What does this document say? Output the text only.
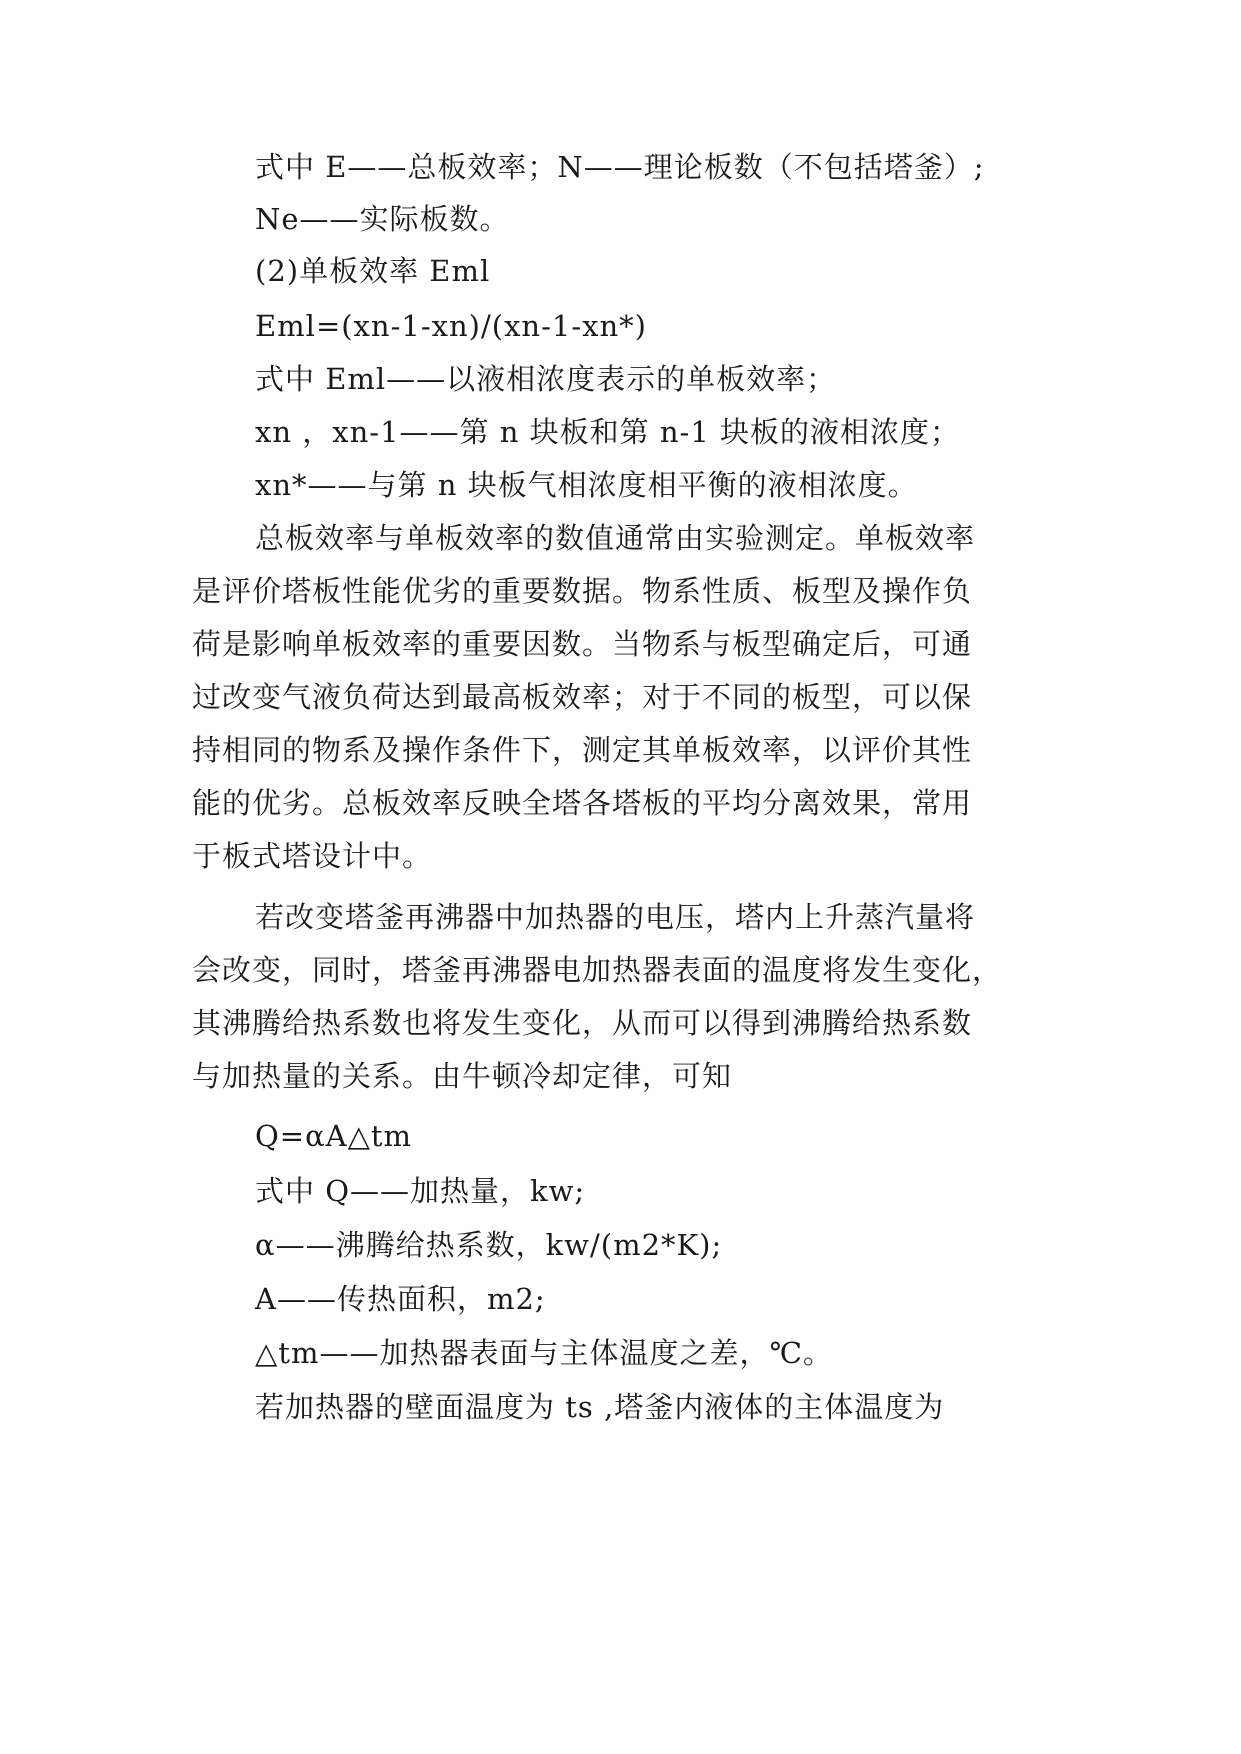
式中 E——总板效率；N——理论板数（不包括塔釜）;
Ne——实际板数。
(2)单板效率 Eml
Eml=(xn-1-xn)/(xn-1-xn*)
式中 Eml——以液相浓度表示的单板效率；
xn ，xn-1——第 n 块板和第 n-1 块板的液相浓度；
xn*——与第 n 块板气相浓度相平衡的液相浓度。
总板效率与单板效率的数值通常由实验测定。单板效率
是评价塔板性能优劣的重要数据。物系性质、板型及操作负
荷是影响单板效率的重要因数。当物系与板型确定后，可通
过改变气液负荷达到最高板效率；对于不同的板型，可以保
持相同的物系及操作条件下，测定其单板效率，以评价其性
能的优劣。总板效率反映全塔各塔板的平均分离效果，常用
于板式塔设计中。
若改变塔釜再沸器中加热器的电压，塔内上升蒸汽量将
会改变，同时，塔釜再沸器电加热器表面的温度将发生变化，
其沸腾给热系数也将发生变化，从而可以得到沸腾给热系数
与加热量的关系。由牛顿冷却定律，可知
Q=αA△tm
式中 Q——加热量，kw;
α——沸腾给热系数，kw/(m2*K);
A——传热面积，m2;
△tm——加热器表面与主体温度之差，℃。
若加热器的壁面温度为 ts ,塔釜内液体的主体温度为
